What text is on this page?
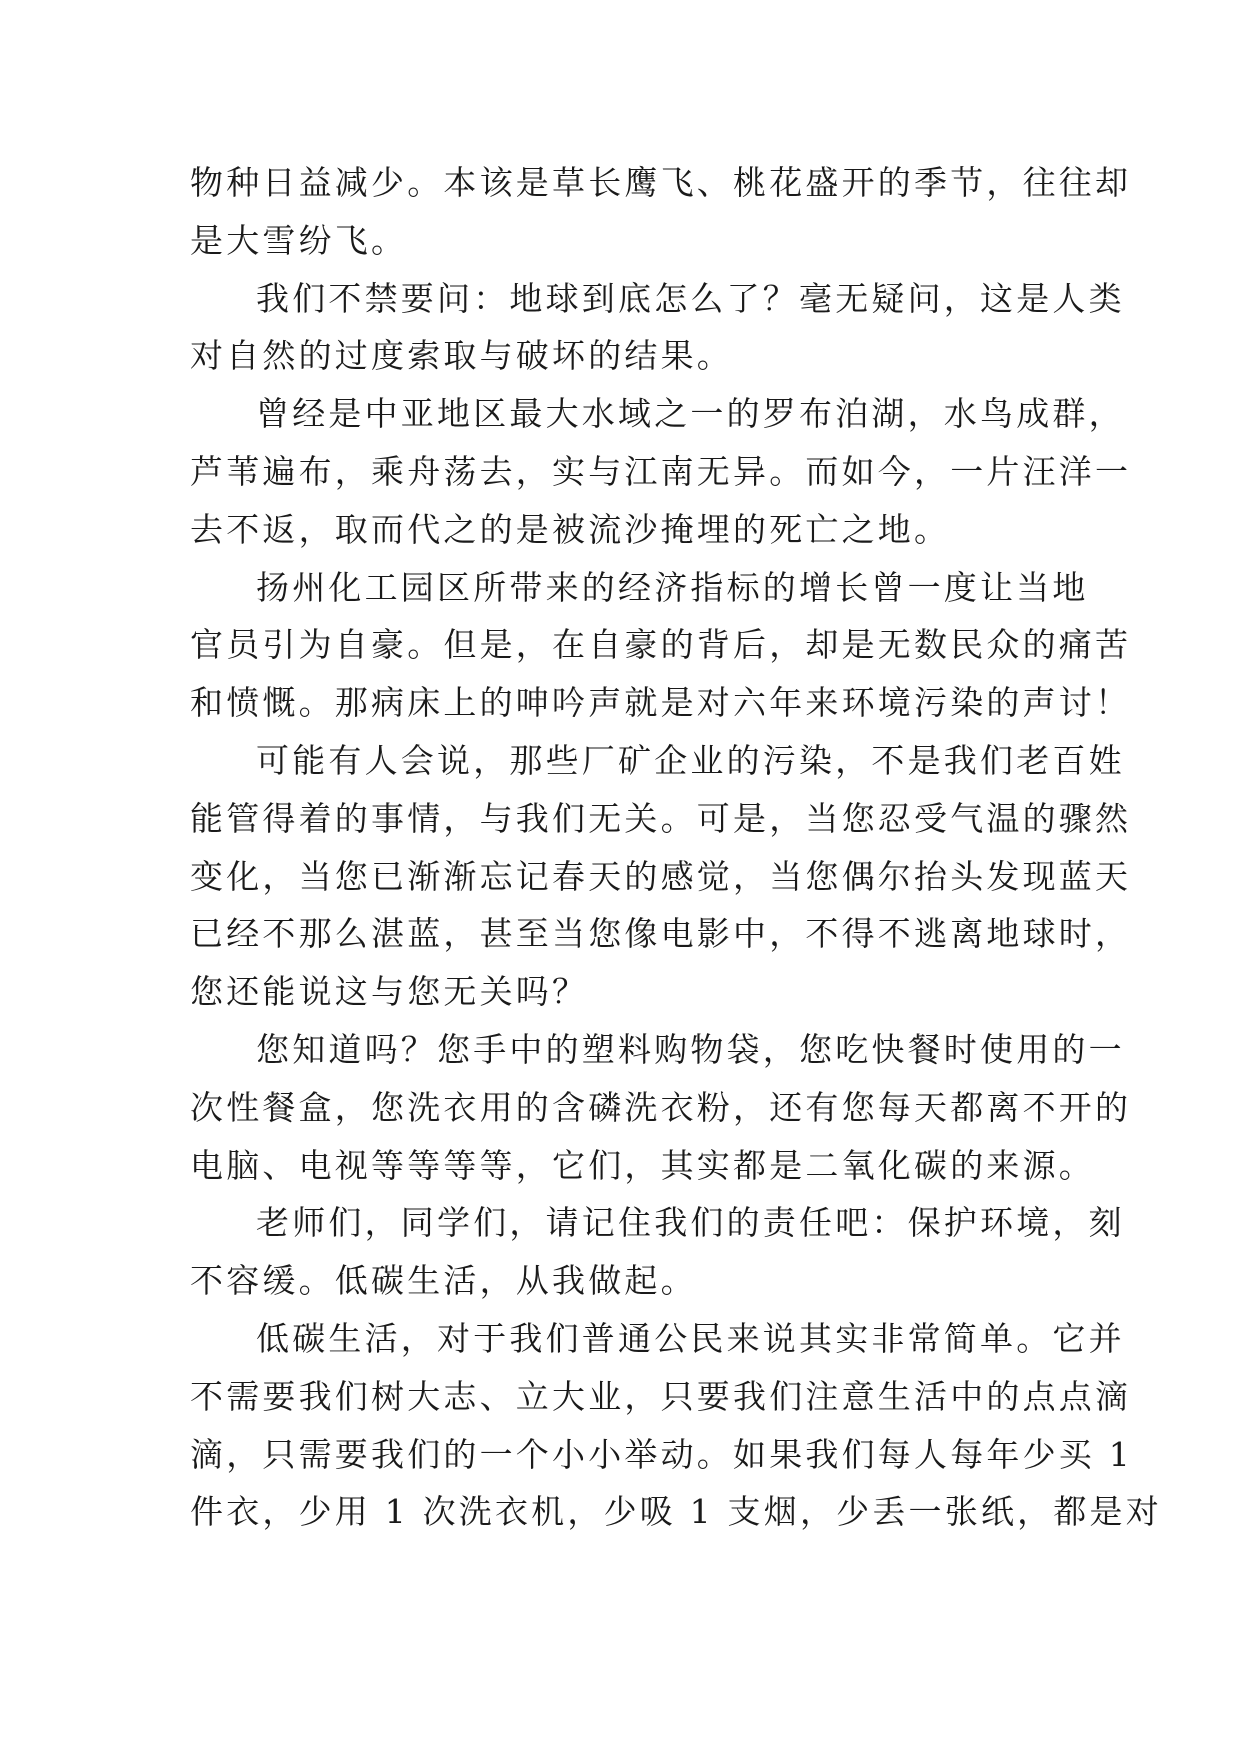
物种日益减少。本该是草长鹰飞、桃花盛开的季节，往往却
是大雪纷飞。
我们不禁要问：地球到底怎么了？毫无疑问，这是人类
对自然的过度索取与破坏的结果。
曾经是中亚地区最大水域之一的罗布泊湖，水鸟成群，
芦苇遍布，乘舟荡去，实与江南无异。而如今，一片汪洋一
去不返，取而代之的是被流沙掩埋的死亡之地。
扬州化工园区所带来的经济指标的增长曾一度让当地
官员引为自豪。但是，在自豪的背后，却是无数民众的痛苦
和愤慨。那病床上的呻吟声就是对六年来环境污染的声讨！
可能有人会说，那些厂矿企业的污染，不是我们老百姓
能管得着的事情，与我们无关。可是，当您忍受气温的骤然
变化，当您已渐渐忘记春天的感觉，当您偶尔抬头发现蓝天
已经不那么湛蓝，甚至当您像电影中，不得不逃离地球时，
您还能说这与您无关吗？
您知道吗？您手中的塑料购物袋，您吃快餐时使用的一
次性餐盒，您洗衣用的含磷洗衣粉，还有您每天都离不开的
电脑、电视等等等等，它们，其实都是二氧化碳的来源。
老师们，同学们，请记住我们的责任吧：保护环境，刻
不容缓。低碳生活，从我做起。
低碳生活，对于我们普通公民来说其实非常简单。它并
不需要我们树大志、立大业，只要我们注意生活中的点点滴
滴，只需要我们的一个小小举动。如果我们每人每年少买 1
件衣，少用 1 次洗衣机，少吸 1 支烟，少丢一张纸，都是对
